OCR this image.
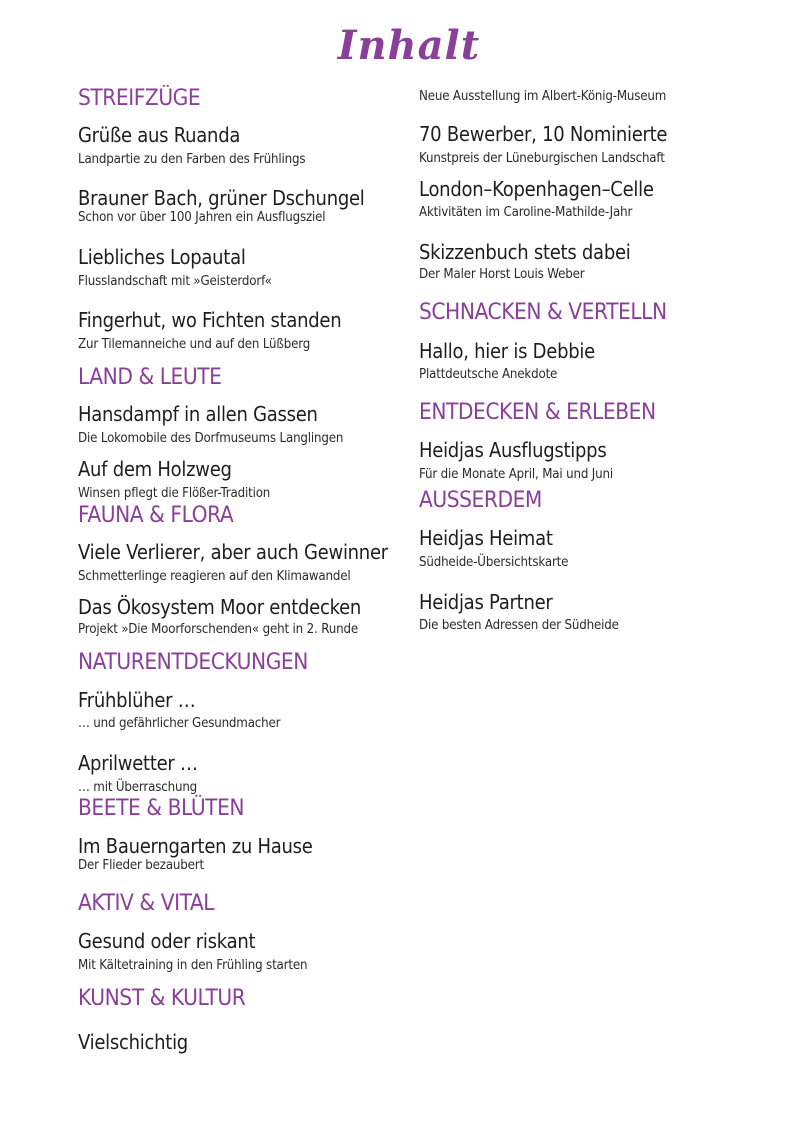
Inhalt
STREIFZÜGE
Grüße aus Ruanda
Landpartie zu den Farben des Frühlings
Brauner Bach, grüner Dschungel
Schon vor über 100 Jahren ein Ausflugsziel
Liebliches Lopautal
Flusslandschaft mit »Geisterdorf«
Fingerhut, wo Fichten standen
Zur Tilemanneiche und auf den Lüßberg
LAND & LEUTE
Hansdampf in allen Gassen
Die Lokomobile des Dorfmuseums Langlingen
Auf dem Holzweg
Winsen pflegt die Flößer-Tradition
FAUNA & FLORA
Viele Verlierer, aber auch Gewinner
Schmetterlinge reagieren auf den Klimawandel
Das Ökosystem Moor entdecken
Projekt »Die Moorforschenden« geht in 2. Runde
NATURENTDECKUNGEN
Frühblüher …
… und gefährlicher Gesundmacher
Aprilwetter …
… mit Überraschung
BEETE & BLÜTEN
Im Bauerngarten zu Hause
Der Flieder bezaubert
AKTIV & VITAL
Gesund oder riskant
Mit Kältetraining in den Frühling starten
KUNST & KULTUR
Vielschichtig
Neue Ausstellung im Albert-König-Museum
70 Bewerber, 10 Nominierte
Kunstpreis der Lüneburgischen Landschaft
London–Kopenhagen–Celle
Aktivitäten im Caroline-Mathilde-Jahr
Skizzenbuch stets dabei
Der Maler Horst Louis Weber
SCHNACKEN & VERTELLN
Hallo, hier is Debbie
Plattdeutsche Anekdote
ENTDECKEN & ERLEBEN
Heidjas Ausflugstipps
Für die Monate April, Mai und Juni
AUSSERDEM
Heidjas Heimat
Südheide-Übersichtskarte
Heidjas Partner
Die besten Adressen der Südheide
